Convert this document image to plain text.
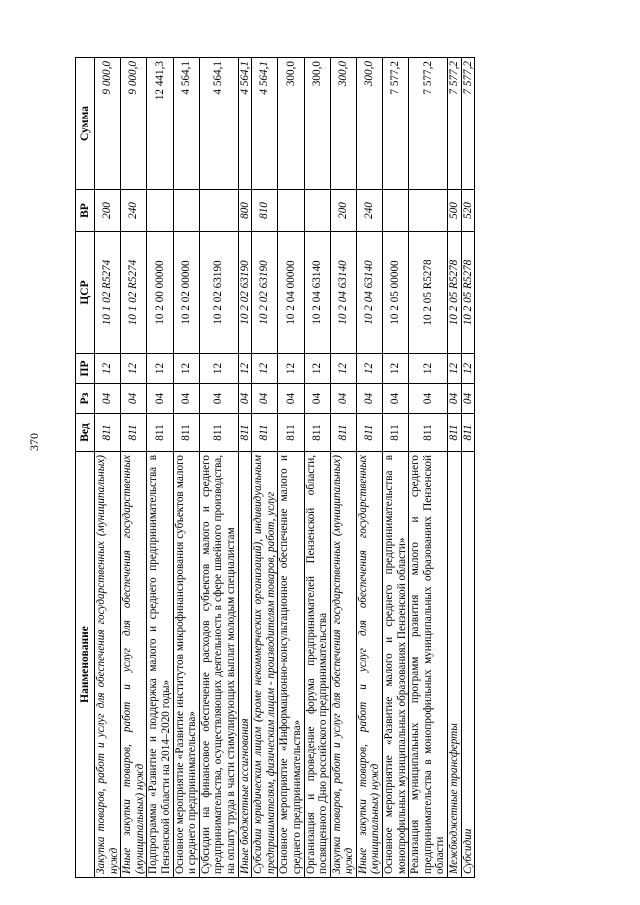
370
Наименование	Вед	Рз	ПР	ЦСР	ВР	Сумма
Закупка товаров, работ и услуг для обеспечения государственных (муниципальных) нужд	811	04	12	10 1 02 R5274	200	9 000,0
Иные закупки товаров, работ и услуг для обеспечения государственных (муниципальных) нужд	811	04	12	10 1 02 R5274	240	9 000,0
Подпрограмма «Развитие и поддержка малого и среднего предпринимательства в Пензенской области на 2014–2020 годы»	811	04	12	10 2 00 00000		12 441,3
Основное мероприятие «Развитие институтов микрофинансирования субъектов малого и среднего предпринимательства»	811	04	12	10 2 02 00000		4 564,1
Субсидии на финансовое обеспечение расходов субъектов малого и среднего предпринимательства, осуществляющих деятельность в сфере швейного производства, на оплату труда в части стимулирующих выплат молодым специалистам	811	04	12	10 2 02 63190		4 564,1
Иные бюджетные ассигнования	811	04	12	10 2 02 63190	800	4 564,1
Субсидии юридическим лицам (кроме некоммерческих организаций), индивидуальным предпринимателям, физическим лицам - производителям товаров, работ, услуг	811	04	12	10 2 02 63190	810	4 564,1
Основное мероприятие «Информационно-консультационное обеспечение малого и среднего предпринимательства»	811	04	12	10 2 04 00000		300,0
Организация и проведение форума предпринимателей Пензенской области, посвященного Дню российского предпринимательства	811	04	12	10 2 04 63140		300,0
Закупка товаров, работ и услуг для обеспечения государственных (муниципальных) нужд	811	04	12	10 2 04 63140	200	300,0
Иные закупки товаров, работ и услуг для обеспечения государственных (муниципальных) нужд	811	04	12	10 2 04 63140	240	300,0
Основное мероприятие «Развитие малого и среднего предпринимательства в монопрофильных муниципальных образованиях Пензенской области»	811	04	12	10 2 05 00000		7 577,2
Реализация муниципальных программ развития малого и среднего предпринимательства в монопрофильных муниципальных образованиях Пензенской области	811	04	12	10 2 05 R5278		7 577,2
Межбюджетные трансферты	811	04	12	10 2 05 R5278	500	7 577,2
Субсидии	811	04	12	10 2 05 R5278	520	7 577,2
